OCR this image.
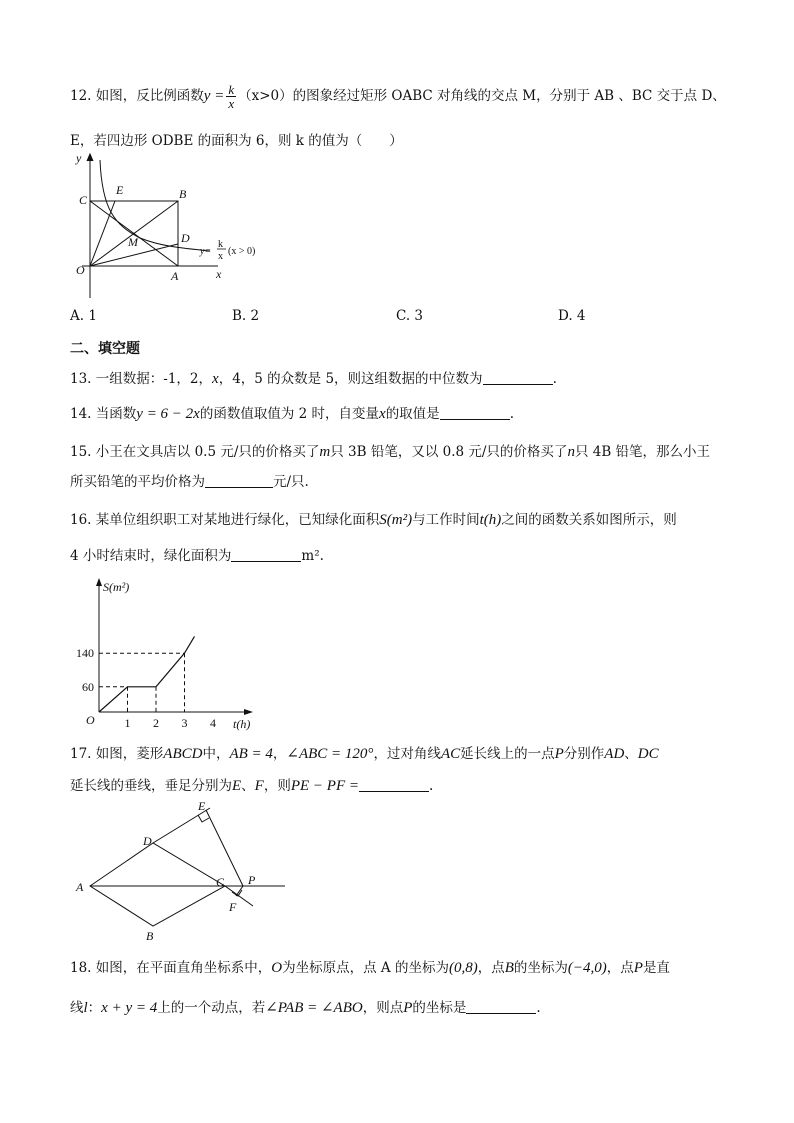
12. 如图，反比例函数$y = \frac{k}{x} (x>0)$的图象经过矩形 OABC 对角线的交点 M，分别于 AB 、BC 交于点 D、
E，若四边形 ODBE 的面积为 6，则 k 的值为（　　）
y
x
C
E	B
M	D
O	A
y=
k
x (x > 0)
A. 1	B. 2	C. 3	D. 4
二、填空题
13. 一组数据：-1，2，x，4，5 的众数是 5，则这组数据的中位数为	.
14. 当函数y = 6 − 2x的函数值取值为 2 时，自变量x的取值是	.
15. 小王在文具店以 0.5 元/只的价格买了m只 3B 铅笔，又以 0.8 元/只的价格买了n只 4B 铅笔，那么小王
所买铅笔的平均价格为	元/只.
16. 某单位组织职工对某地进行绿化，已知绿化面积S(m²)与工作时间t(h)之间的函数关系如图所示，则
4 小时结束时，绿化面积为	m².
1 2 3 4
60
140
O
S(m²)
t(h)
17. 如图，菱形ABCD中，AB = 4，∠ABC = 120°，过对角线AC延长线上的一点P分别作AD、DC
延长线的垂线，垂足分别为E、F，则PE − PF =	.
A
B
C
D
E
F
P
18. 如图，在平面直角坐标系中，O为坐标原点，点 A 的坐标为(0,8)，点B的坐标为(−4,0)，点P是直
线l：x + y = 4上的一个动点，若∠PAB = ∠ABO，则点P的坐标是	.
